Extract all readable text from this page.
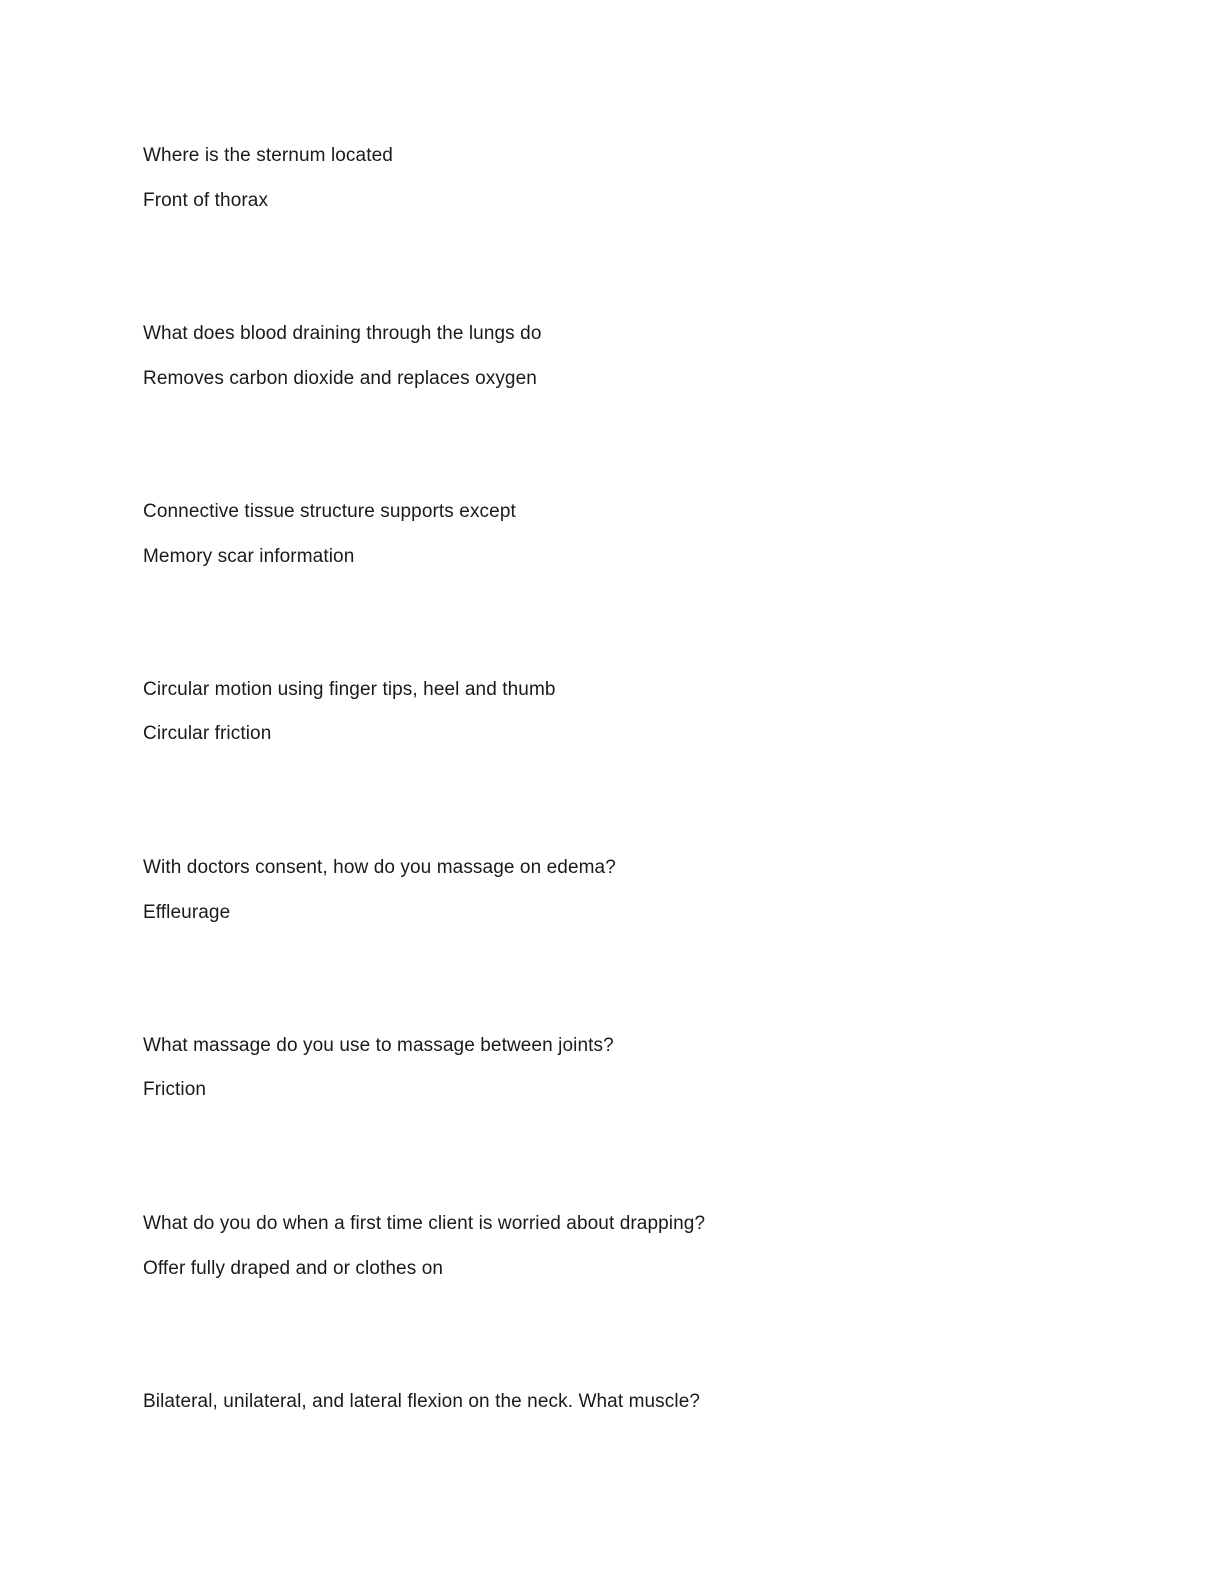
Where is the sternum located
Front of thorax
What does blood draining through the lungs do
Removes carbon dioxide and replaces oxygen
Connective tissue structure supports except
Memory scar information
Circular motion using finger tips, heel and thumb
Circular friction
With doctors consent, how do you massage on edema?
Effleurage
What massage do you use to massage between joints?
Friction
What do you do when a first time client is worried about drapping?
Offer fully draped and or clothes on
Bilateral, unilateral, and lateral flexion on the neck. What muscle?
